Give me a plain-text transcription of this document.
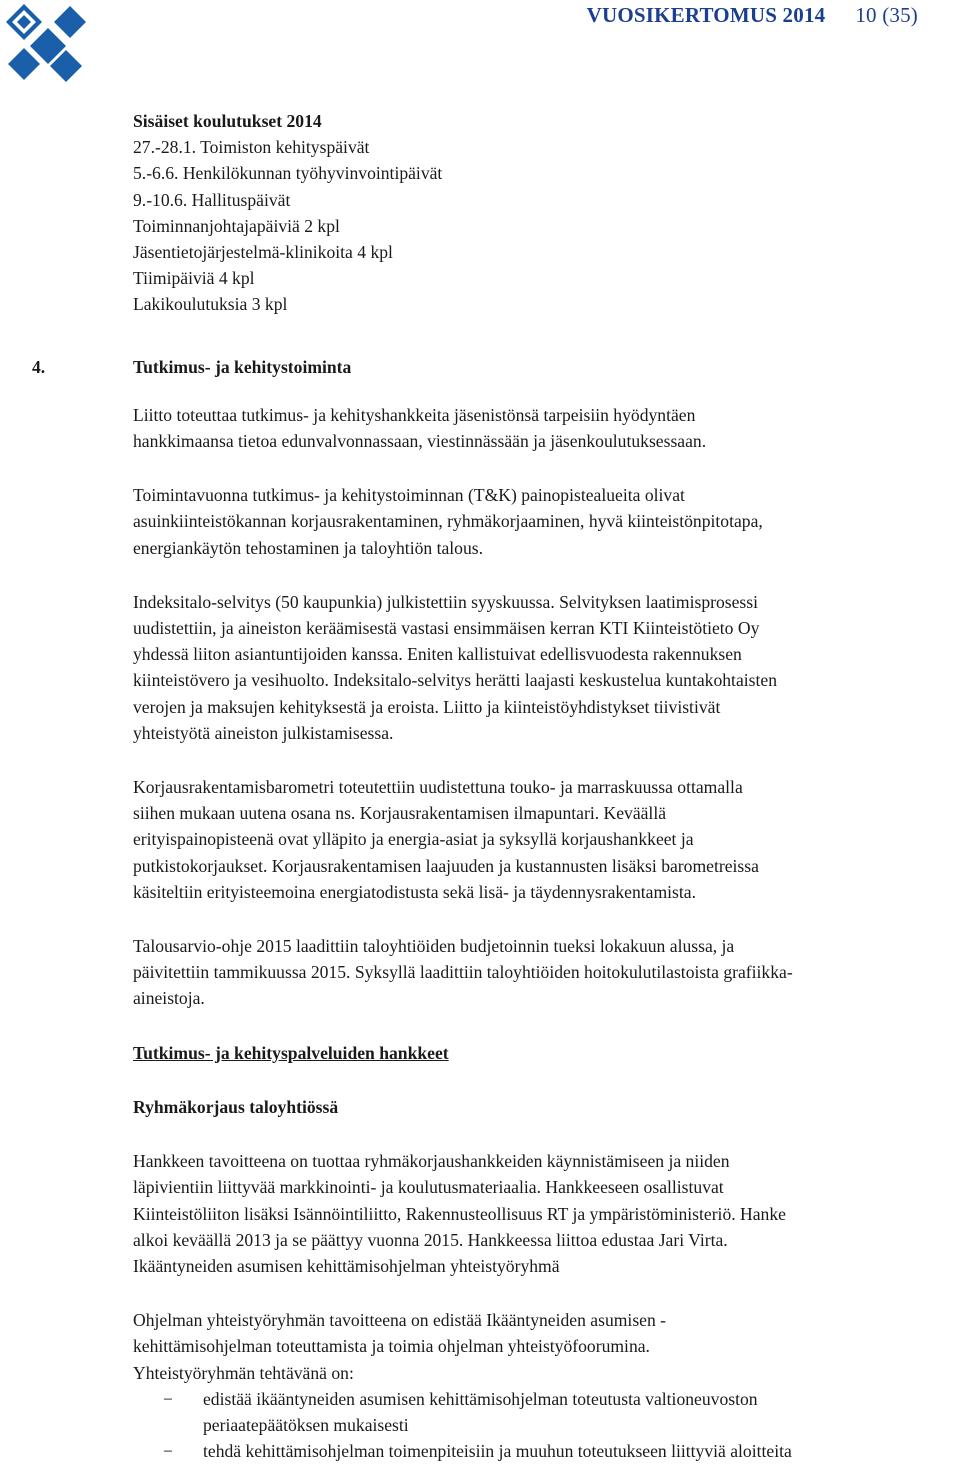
VUOSIKERTOMUS 2014 10 (35)

Sisäiset koulutukset 2014

27.-28.1. Toimiston kehityspäivät

5.-6.6. Henkilökunnan työhyvinvointipäivät

9.-10.6. Hallituspäivät

Toiminnanjohtajapäiviä 2 kpl

Jäsentietojärjestelmä-klinikoita 4 kpl

Tiimipäiviä 4 kpl

Lakikoulutuksia 3 kpl

4.	Tutkimus- ja kehitystoiminta

Liitto toteuttaa tutkimus- ja kehityshankkeita jäsenistönsä tarpeisiin hyödyntäen

hankkimaansa tietoa edunvalvonnassaan, viestinnässään ja jäsenkoulutuksessaan.

Toimintavuonna tutkimus- ja kehitystoiminnan (T&K) painopistealueita olivat

asuinkiinteistökannan korjausrakentaminen, ryhmäkorjaaminen, hyvä kiinteistönpitotapa,

energiankäytön tehostaminen ja taloyhtiön talous.

Indeksitalo-selvitys (50 kaupunkia) julkistettiin syyskuussa. Selvityksen laatimisprosessi

uudistettiin, ja aineiston keräämisestä vastasi ensimmäisen kerran KTI Kiinteistötieto Oy

yhdessä liiton asiantuntijoiden kanssa. Eniten kallistuivat edellisvuodesta rakennuksen

kiinteistövero ja vesihuolto. Indeksitalo-selvitys herätti laajasti keskustelua kuntakohtaisten

verojen ja maksujen kehityksestä ja eroista. Liitto ja kiinteistöyhdistykset tiivistivät

yhteistyötä aineiston julkistamisessa.

Korjausrakentamisbarometri toteutettiin uudistettuna touko- ja marraskuussa ottamalla

siihen mukaan uutena osana ns. Korjausrakentamisen ilmapuntari. Keväällä

erityispainopisteenä ovat ylläpito ja energia-asiat ja syksyllä korjaushankkeet ja

putkistokorjaukset. Korjausrakentamisen laajuuden ja kustannusten lisäksi barometreissa

käsiteltiin erityisteemoina energiatodistusta sekä lisä- ja täydennysrakentamista.

Talousarvio-ohje 2015 laadittiin taloyhtiöiden budjetoinnin tueksi lokakuun alussa, ja

päivitettiin tammikuussa 2015. Syksyllä laadittiin taloyhtiöiden hoitokulutilastoista grafiikka-

aineistoja.

Tutkimus- ja kehityspalveluiden hankkeet

Ryhmäkorjaus taloyhtiössä

Hankkeen tavoitteena on tuottaa ryhmäkorjaushankkeiden käynnistämiseen ja niiden

läpivientiin liittyvää markkinointi- ja koulutusmateriaalia. Hankkeeseen osallistuvat

Kiinteistöliiton lisäksi Isännöintiliitto, Rakennusteollisuus RT ja ympäristöministeriö. Hanke

alkoi keväällä 2013 ja se päättyy vuonna 2015. Hankkeessa liittoa edustaa Jari Virta.

Ikääntyneiden asumisen kehittämisohjelman yhteistyöryhmä

Ohjelman yhteistyöryhmän tavoitteena on edistää Ikääntyneiden asumisen -

kehittämisohjelman toteuttamista ja toimia ohjelman yhteistyöfoorumina.

Yhteistyöryhmän tehtävänä on:

− edistää ikääntyneiden asumisen kehittämisohjelman toteutusta valtioneuvoston
periaatepäätöksen mukaisesti
− tehdä kehittämisohjelman toimenpiteisiin ja muuhun toteutukseen liittyviä aloitteita
